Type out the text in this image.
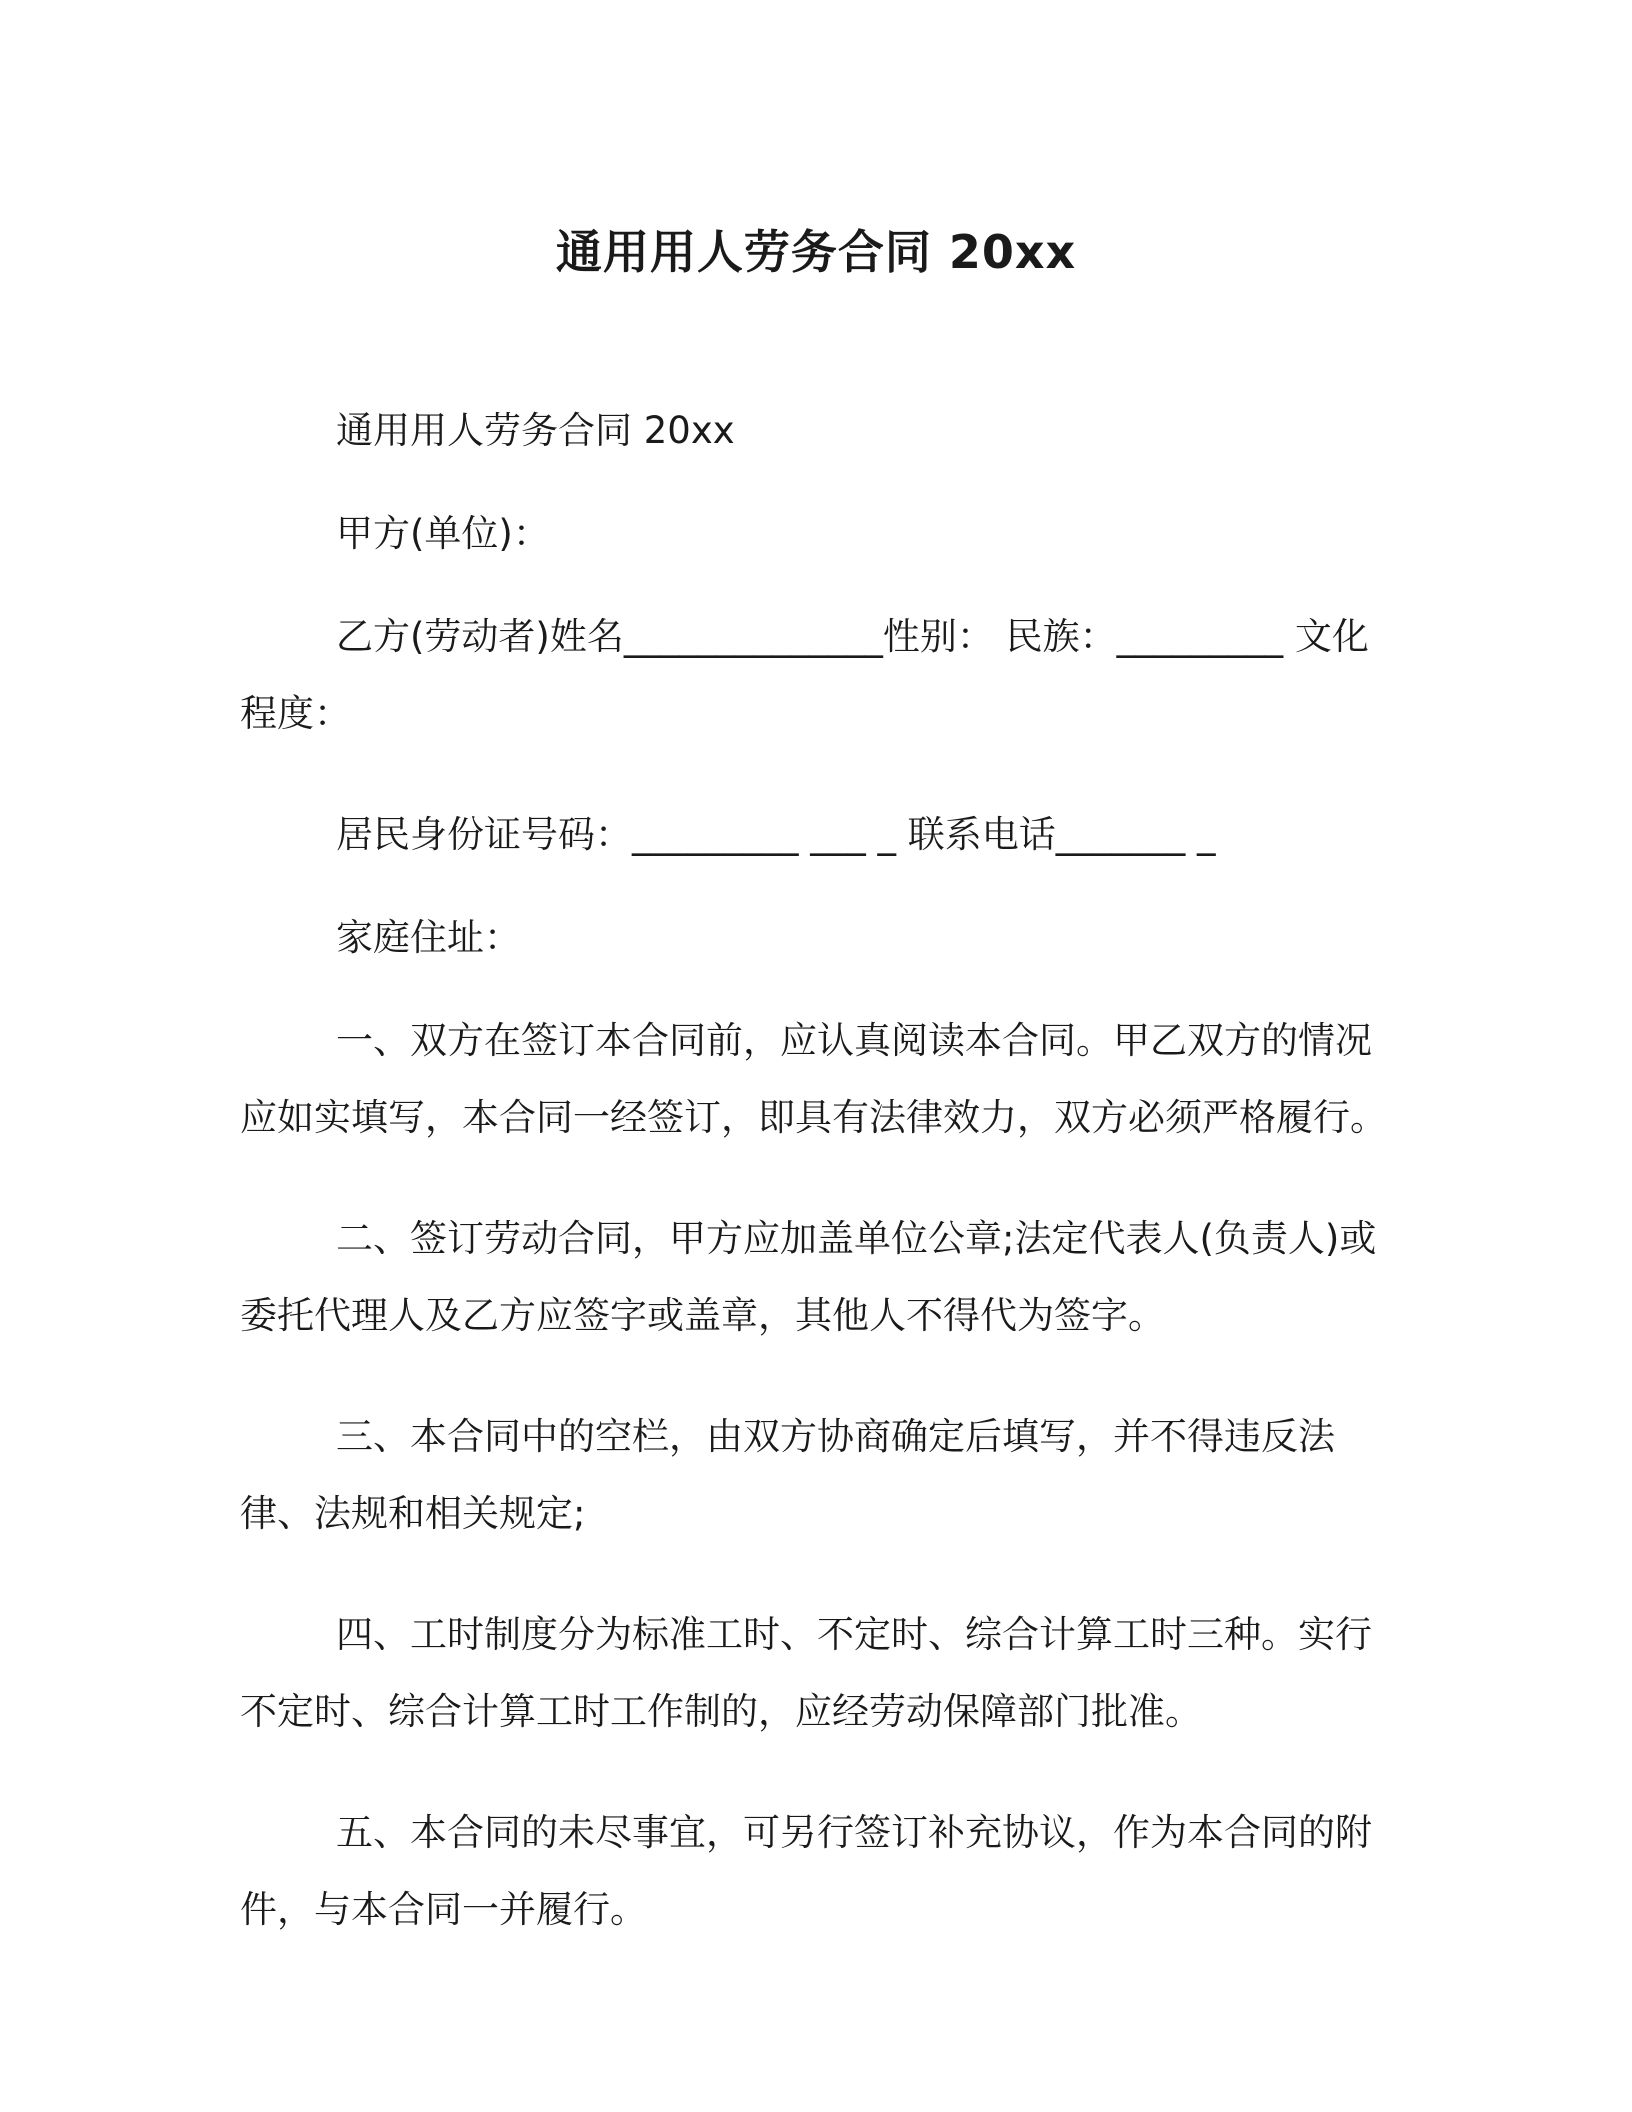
通用用人劳务合同 20xx

通用用人劳务合同 20xx

甲方(单位)：

乙方(劳动者)姓名______________性别： 民族：_________ 文化程度：

居民身份证号码：_________ ___ _ 联系电话_______ _

家庭住址：

一、双方在签订本合同前，应认真阅读本合同。甲乙双方的情况应如实填写，本合同一经签订，即具有法律效力，双方必须严格履行。

二、签订劳动合同，甲方应加盖单位公章;法定代表人(负责人)或委托代理人及乙方应签字或盖章，其他人不得代为签字。

三、本合同中的空栏，由双方协商确定后填写，并不得违反法律、法规和相关规定;

四、工时制度分为标准工时、不定时、综合计算工时三种。实行不定时、综合计算工时工作制的，应经劳动保障部门批准。

五、本合同的未尽事宜，可另行签订补充协议，作为本合同的附件，与本合同一并履行。
